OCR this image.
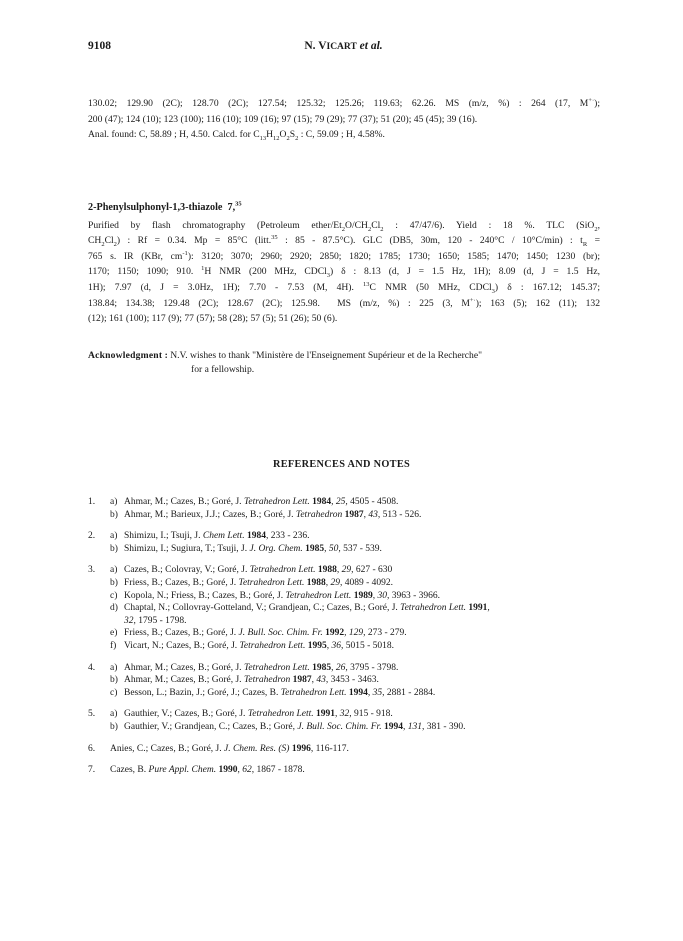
9108	N. VICART et al.
130.02; 129.90 (2C); 128.70 (2C); 127.54; 125.32; 125.26; 119.63; 62.26. MS (m/z, %) : 264 (17, M+·);
200 (47); 124 (10); 123 (100); 116 (10); 109 (16); 97 (15); 79 (29); 77 (37); 51 (20); 45 (45); 39 (16).
Anal. found: C, 58.89 ; H, 4.50. Calcd. for $C_{13}H_{12}O_2S_2$ : C, 59.09 ; H, 4.58%.
2-Phenylsulphonyl-1,3-thiazole  7,35
Purified by flash chromatography (Petroleum ether/$Et_2O/CH_2Cl_2$ : 47/47/6). Yield : 18 %. TLC (SiO$_2$,
$CH_2Cl_2$) : Rf = 0.34. Mp = 85°C (litt.$^{35}$ : 85 - 87.5°C). GLC (DB5, 30m, 120 - 240°C / 10°C/min) : $t_R$ =
765 s. IR (KBr, $cm^{-1}$): 3120; 3070; 2960; 2920; 2850; 1820; 1785; 1730; 1650; 1585; 1470; 1450; 1230 (br);
1170; 1150; 1090; 910. $^1$H NMR (200 MHz, CDCl$_3$) δ : 8.13 (d, J = 1.5 Hz, 1H); 8.09 (d, J = 1.5 Hz,
1H); 7.97 (d, J = 3.0Hz, 1H); 7.70 - 7.53 (M, 4H). $^{13}$C NMR (50 MHz, CDCl$_3$) δ : 167.12; 145.37;
138.84; 134.38; 129.48 (2C); 128.67 (2C); 125.98.  MS (m/z, %) : 225 (3, M+·); 163 (5); 162 (11); 132
(12); 161 (100); 117 (9); 77 (57); 58 (28); 57 (5); 51 (26); 50 (6).
Acknowledgment : N.V. wishes to thank "Ministère de l'Enseignement Supérieur et de la Recherche"
for a fellowship.
REFERENCES AND NOTES
1. a) Ahmar, M.; Cazes, B.; Goré, J. Tetrahedron Lett. 1984, 25, 4505 - 4508.
b) Ahmar, M.; Barieux, J.J.; Cazes, B.; Goré, J. Tetrahedron 1987, 43, 513 - 526.
2. a) Shimizu, I.; Tsuji, J. Chem Lett. 1984, 233 - 236.
b) Shimizu, I.; Sugiura, T.; Tsuji, J. J. Org. Chem. 1985, 50, 537 - 539.
3. a) Cazes, B.; Colovray, V.; Goré, J. Tetrahedron Lett. 1988, 29, 627 - 630
b) Friess, B.; Cazes, B.; Goré, J. Tetrahedron Lett. 1988, 29, 4089 - 4092.
c) Kopola, N.; Friess, B.; Cazes, B.; Goré, J. Tetrahedron Lett. 1989, 30, 3963 - 3966.
d) Chaptal, N.; Collovray-Gotteland, V.; Grandjean, C.; Cazes, B.; Goré, J. Tetrahedron Lett. 1991,
32, 1795 - 1798.
e) Friess, B.; Cazes, B.; Goré, J. J. Bull. Soc. Chim. Fr. 1992, 129, 273 - 279.
f) Vicart, N.; Cazes, B.; Goré, J. Tetrahedron Lett. 1995, 36, 5015 - 5018.
4. a) Ahmar, M.; Cazes, B.; Goré, J. Tetrahedron Lett. 1985, 26, 3795 - 3798.
b) Ahmar, M.; Cazes, B.; Goré, J. Tetrahedron 1987, 43, 3453 - 3463.
c) Besson, L.; Bazin, J.; Goré, J.; Cazes, B. Tetrahedron Lett. 1994, 35, 2881 - 2884.
5. a) Gauthier, V.; Cazes, B.; Goré, J. Tetrahedron Lett. 1991, 32, 915 - 918.
b) Gauthier, V.; Grandjean, C.; Cazes, B.; Goré, J. Bull. Soc. Chim. Fr. 1994, 131, 381 - 390.
6. Anies, C.; Cazes, B.; Goré, J. J. Chem. Res. (S) 1996, 116-117.
7. Cazes, B. Pure Appl. Chem. 1990, 62, 1867 - 1878.
